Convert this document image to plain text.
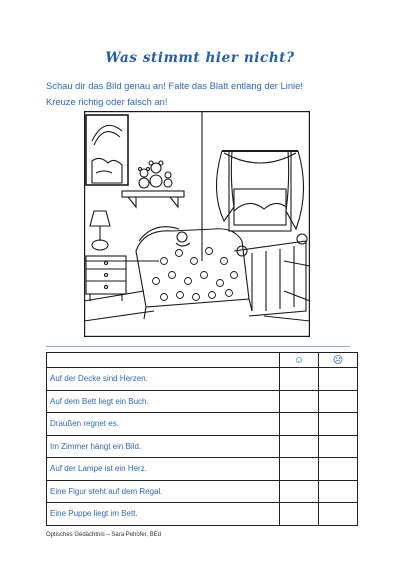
Was stimmt hier nicht?
Schau dir das Bild genau an! Falte das Blatt entlang der Linie!
Kreuze richtig oder falsch an!
	☺	☹
Auf der Decke sind Herzen.		
Auf dem Bett liegt ein Buch.		
Draußen regnet es.		
Im Zimmer hängt ein Bild.		
Auf der Lampe ist ein Herz.		
Eine Figur steht auf dem Regal.		
Eine Puppe liegt im Bett.		
Optisches Gedächtnis – Sara Pehofer, BEd
